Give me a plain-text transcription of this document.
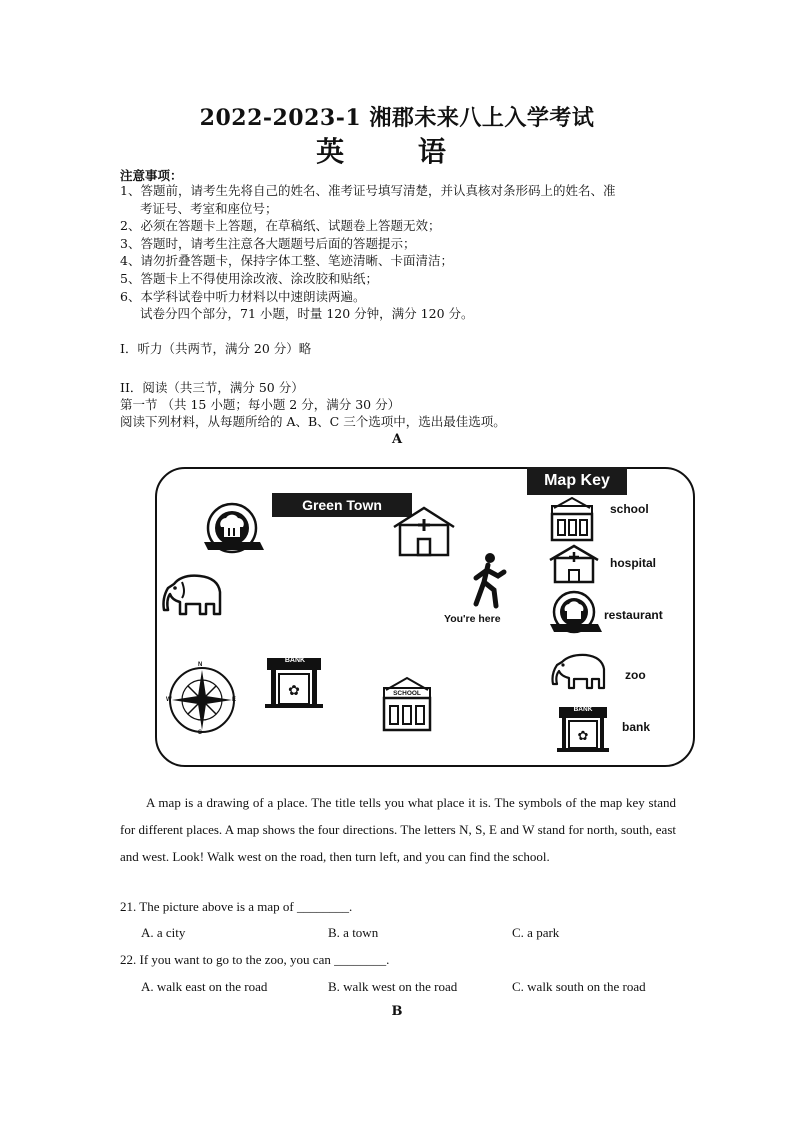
2022-2023-1 湘郡未来八上入学考试
英 语
注意事项：
1、答题前，请考生先将自己的姓名、准考证号填写清楚，并认真核对条形码上的姓名、准
考证号、考室和座位号；
2、必须在答题卡上答题，在草稿纸、试题卷上答题无效；
3、答题时，请考生注意各大题题号后面的答题提示；
4、请勿折叠答题卡，保持字体工整、笔迹清晰、卡面清洁；
5、答题卡上不得使用涂改液、涂改胶和贴纸；
6、本学科试卷中听力材料以中速朗读两遍。
试卷分四个部分，71 小题，时量 120 分钟，满分 120 分。
I．听力（共两节，满分 20 分）略
II．阅读（共三节，满分 50 分）
第一节 （共 15 小题；每小题 2 分，满分 30 分）
阅读下列材料，从每题所给的 A、B、C 三个选项中，选出最佳选项。
A
Green Town
Map Key
You're here
N
S
W	E
✿
BANK
SCHOOL
school
hospital
restaurant
zoo
✿
BANK
bank
A map is a drawing of a place. The title tells you what place it is. The symbols of the map key stand for different places. A map shows the four directions. The letters N, S, E and W stand for north, south, east and west. Look! Walk west on the road, then turn left, and you can find the school.
21. The picture above is a map of ________.
A. a city	B. a town	C. a park
22. If you want to go to the zoo, you can ________.
A. walk east on the road	B. walk west on the road	C. walk south on the road
B
